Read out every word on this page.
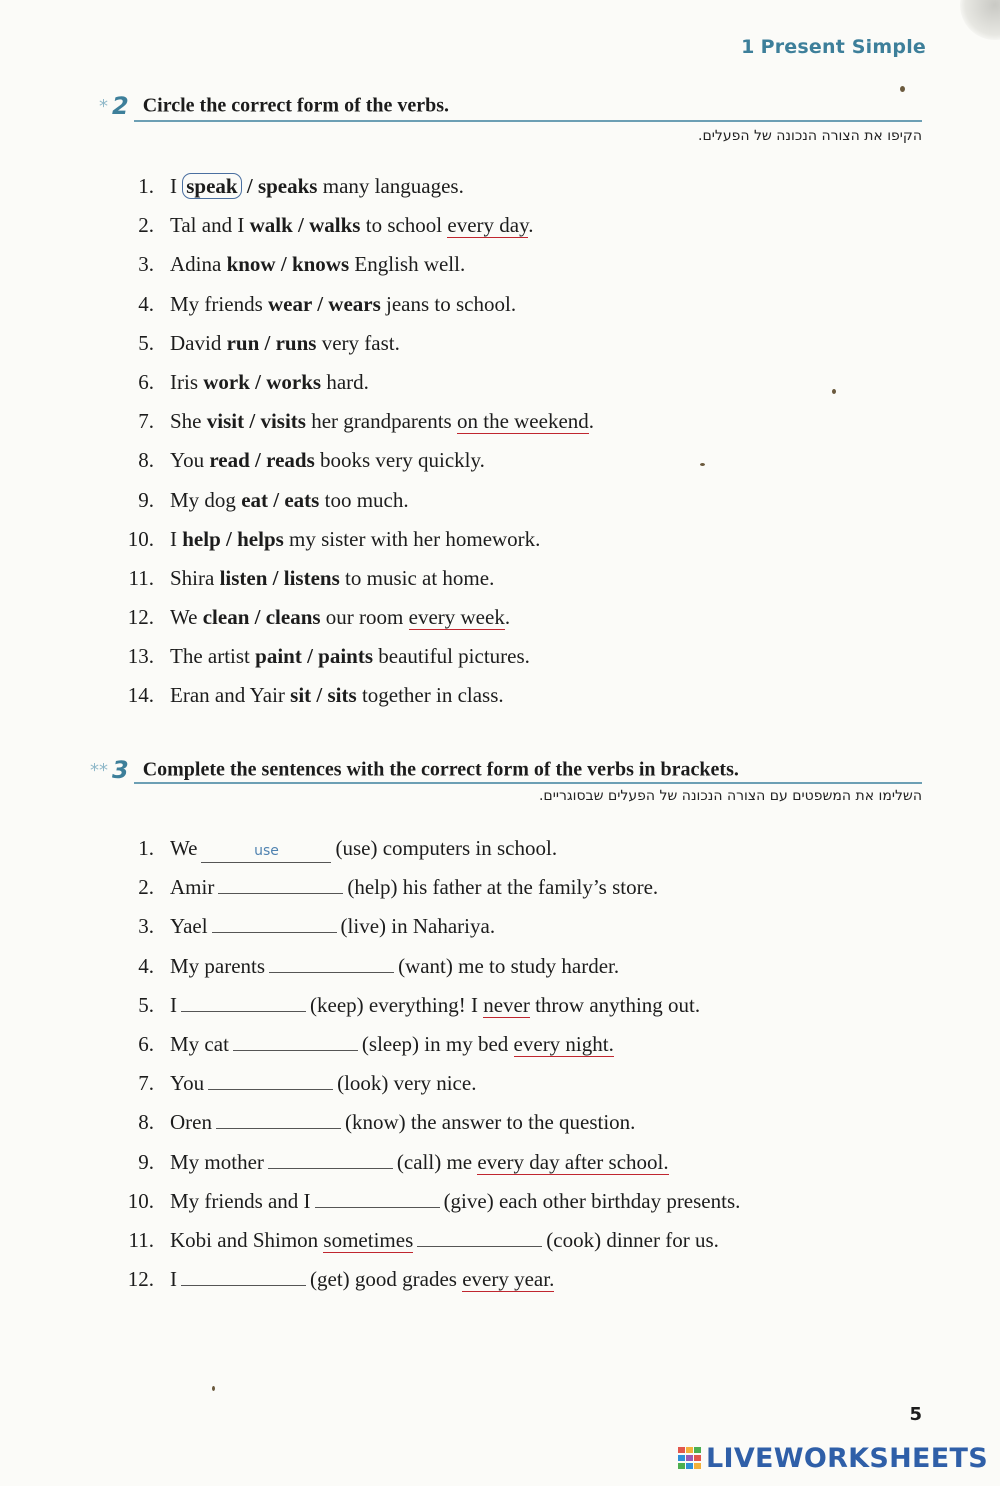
1 Present Simple
* 2 Circle the correct form of the verbs.
הקיפו את הצורה הנכונה של הפעלים.
1. I speak / speaks many languages.
2. Tal and I walk / walks to school every day.
3. Adina know / knows English well.
4. My friends wear / wears jeans to school.
5. David run / runs very fast.
6. Iris work / works hard.
7. She visit / visits her grandparents on the weekend.
8. You read / reads books very quickly.
9. My dog eat / eats too much.
10. I help / helps my sister with her homework.
11. Shira listen / listens to music at home.
12. We clean / cleans our room every week.
13. The artist paint / paints beautiful pictures.
14. Eran and Yair sit / sits together in class.
** 3 Complete the sentences with the correct form of the verbs in brackets.
השלימו את המשפטים עם הצורה הנכונה של הפעלים שבסוגריים.
1. We	use	(use) computers in school.
2. Amir	(help) his father at the family’s store.
3. Yael	(live) in Nahariya.
4. My parents	(want) me to study harder.
5. I	(keep) everything! I never throw anything out.
6. My cat	(sleep) in my bed every night.
7. You	(look) very nice.
8. Oren	(know) the answer to the question.
9. My mother	(call) me every day after school.
10. My friends and I	(give) each other birthday presents.
11. Kobi and Shimon sometimes	(cook) dinner for us.
12. I	(get) good grades every year.
5
LIVEWORKSHEETS
